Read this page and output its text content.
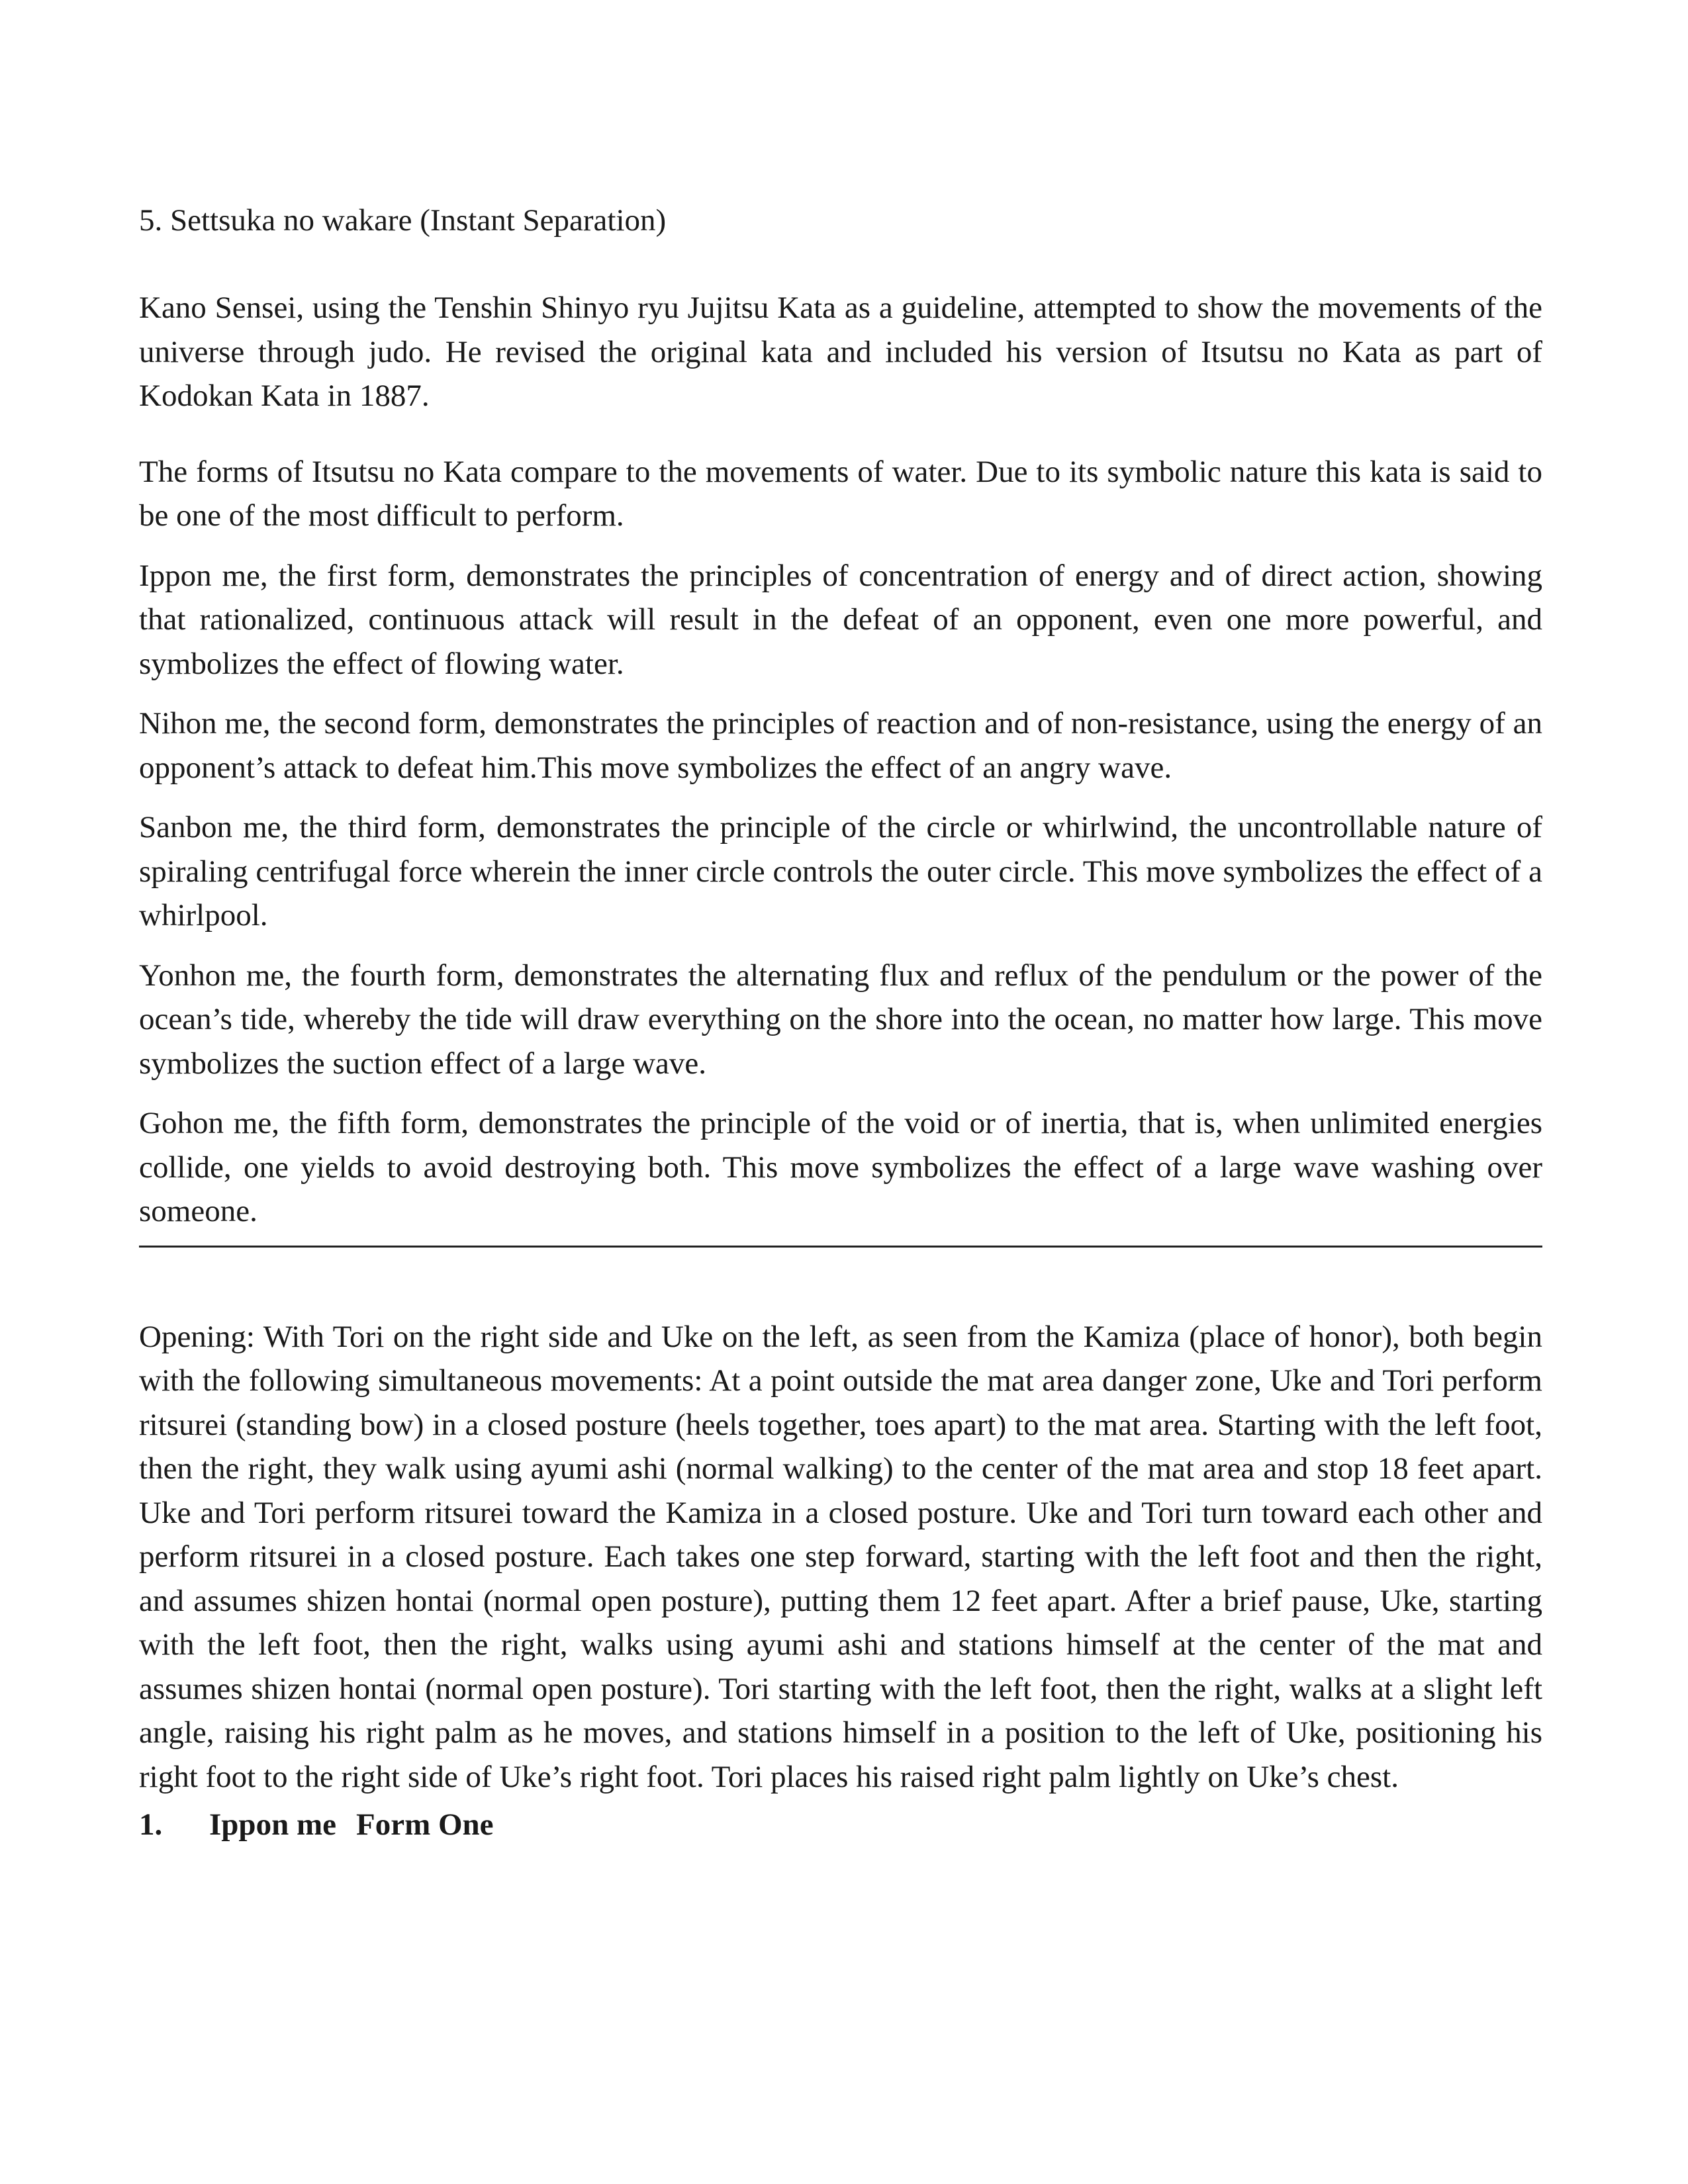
5. Settsuka no wakare (Instant Separation)

Kano Sensei, using the Tenshin Shinyo ryu Jujitsu Kata as a guideline, attempted to show the movements of the universe through judo. He revised the original kata and included his version of Itsutsu no Kata as part of Kodokan Kata in 1887.

The forms of Itsutsu no Kata compare to the movements of water. Due to its symbolic nature this kata is said to be one of the most difficult to perform.

Ippon me, the first form, demonstrates the principles of concentration of energy and of direct action, showing that rationalized, continuous attack will result in the defeat of an opponent, even one more powerful, and symbolizes the effect of flowing water.

Nihon me, the second form, demonstrates the principles of reaction and of non-resistance, using the energy of an opponent’s attack to defeat him.This move symbolizes the effect of an angry wave.

Sanbon me, the third form, demonstrates the principle of the circle or whirlwind, the uncontrollable nature of spiraling centrifugal force wherein the inner circle controls the outer circle. This move symbolizes the effect of a whirlpool.

Yonhon me, the fourth form, demonstrates the alternating flux and reflux of the pendulum or the power of the ocean’s tide, whereby the tide will draw everything on the shore into the ocean, no matter how large. This move symbolizes the suction effect of a large wave.

Gohon me, the fifth form, demonstrates the principle of the void or of inertia, that is, when unlimited energies collide, one yields to avoid destroying both. This move symbolizes the effect of a large wave washing over someone.

Opening: With Tori on the right side and Uke on the left, as seen from the Kamiza (place of honor), both begin with the following simultaneous movements: At a point outside the mat area danger zone, Uke and Tori perform ritsurei (standing bow) in a closed posture (heels together, toes apart) to the mat area. Starting with the left foot, then the right, they walk using ayumi ashi (normal walking) to the center of the mat area and stop 18 feet apart. Uke and Tori perform ritsurei toward the Kamiza in a closed posture. Uke and Tori turn toward each other and perform ritsurei in a closed posture. Each takes one step forward, starting with the left foot and then the right, and assumes shizen hontai (normal open posture), putting them 12 feet apart. After a brief pause, Uke, starting with the left foot, then the right, walks using ayumi ashi and stations himself at the center of the mat and assumes shizen hontai (normal open posture). Tori starting with the left foot, then the right, walks at a slight left angle, raising his right palm as he moves, and stations himself in a position to the left of Uke, positioning his right foot to the right side of Uke’s right foot. Tori places his raised right palm lightly on Uke’s chest.

1.	Ippon me Form One
